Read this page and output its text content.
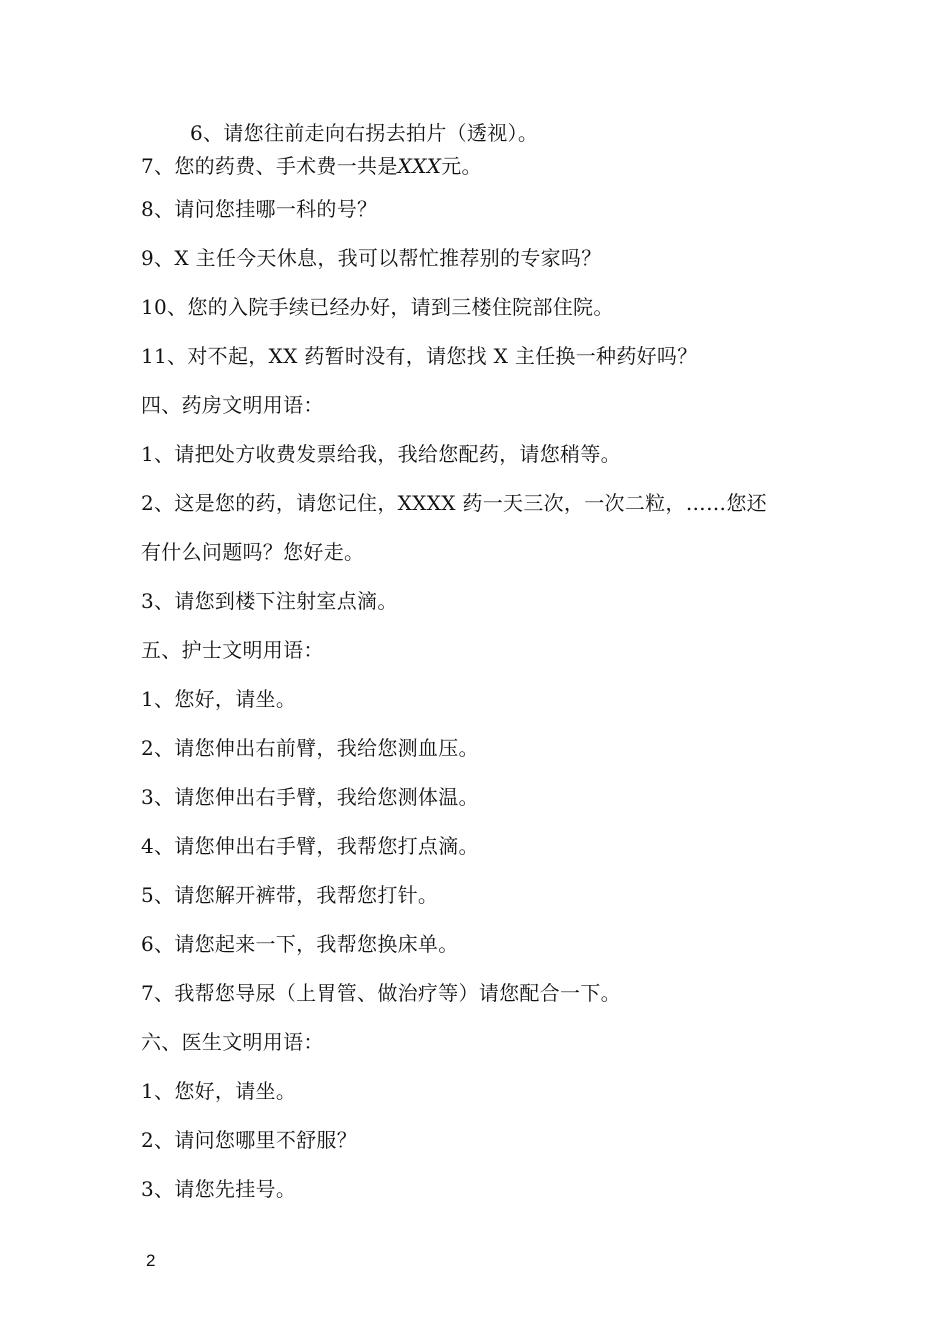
6、请您往前走向右拐去拍片（透视）。
7、您的药费、手术费一共是XXX元。
8、请问您挂哪一科的号？
9、X 主任今天休息，我可以帮忙推荐别的专家吗？
10、您的入院手续已经办好，请到三楼住院部住院。
11、对不起，XX 药暂时没有，请您找 X 主任换一种药好吗？
四、药房文明用语：
1、请把处方收费发票给我，我给您配药，请您稍等。
2、这是您的药，请您记住，XXXX 药一天三次，一次二粒，……您还
有什么问题吗？您好走。
3、请您到楼下注射室点滴。
五、护士文明用语：
1、您好，请坐。
2、请您伸出右前臂，我给您测血压。
3、请您伸出右手臂，我给您测体温。
4、请您伸出右手臂，我帮您打点滴。
5、请您解开裤带，我帮您打针。
6、请您起来一下，我帮您换床单。
7、我帮您导尿（上胃管、做治疗等）请您配合一下。
六、医生文明用语：
1、您好，请坐。
2、请问您哪里不舒服？
3、请您先挂号。
2
